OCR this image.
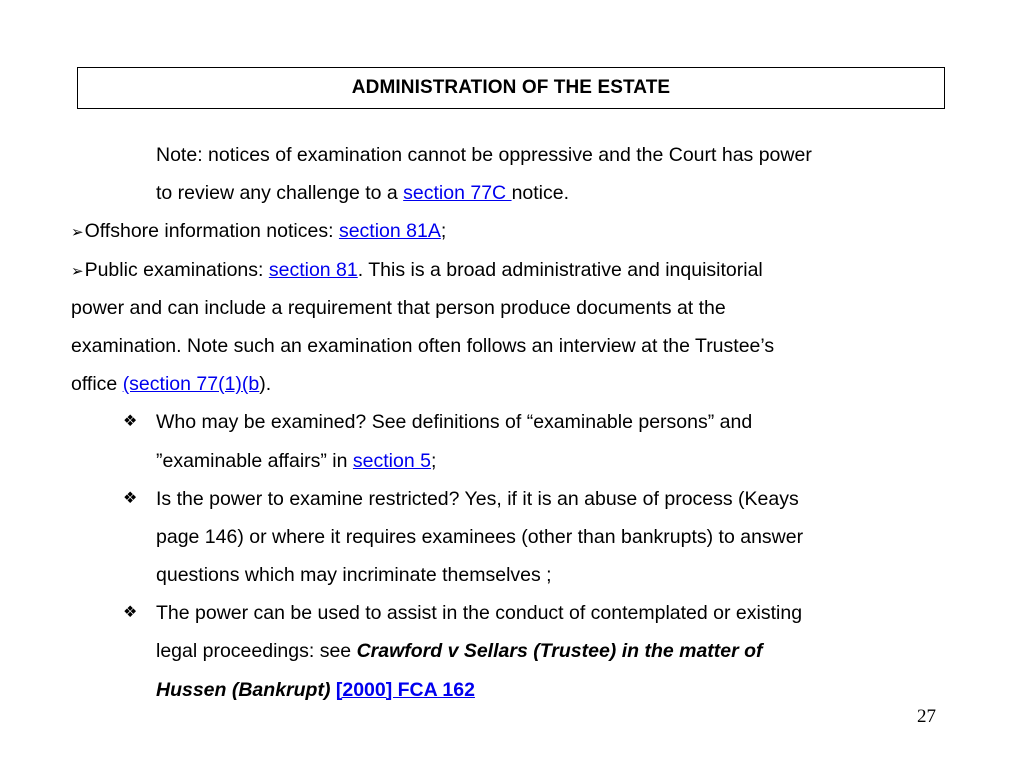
ADMINISTRATION OF THE ESTATE
Note: notices of examination cannot be oppressive and the Court has power
to review any challenge to a section 77C notice.
➢Offshore information notices: section 81A;
➢Public examinations: section 81. This is a broad administrative and inquisitorial
power and can include a requirement that person produce documents at the
examination. Note such an examination often follows an interview at the Trustee’s
office (section 77(1)(b).
❖ Who may be examined? See definitions of “examinable persons” and
”examinable affairs” in section 5;
❖ Is the power to examine restricted? Yes, if it is an abuse of process (Keays
page 146) or where it requires examinees (other than bankrupts) to answer
questions which may incriminate themselves ;
❖ The power can be used to assist in the conduct of contemplated or existing
legal proceedings: see Crawford v Sellars (Trustee) in the matter of
Hussen (Bankrupt) [2000] FCA 162
27
